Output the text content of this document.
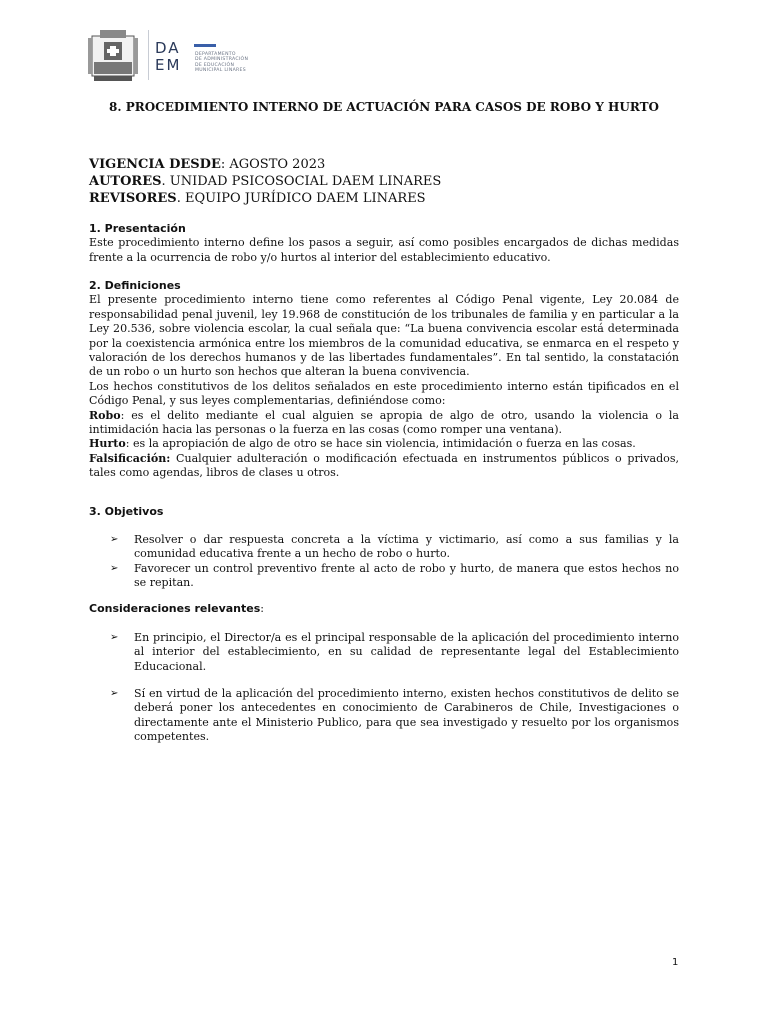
DA EM
DEPARTAMENTO
DE ADMINISTRACIÓN
DE EDUCACIÓN
MUNICIPAL LINARES
8. PROCEDIMIENTO INTERNO DE ACTUACIÓN PARA CASOS DE ROBO Y HURTO
VIGENCIA DESDE: AGOSTO 2023
AUTORES. UNIDAD PSICOSOCIAL DAEM LINARES
REVISORES. EQUIPO JURÍDICO DAEM LINARES
1. Presentación

Este procedimiento interno define los pasos a seguir, así como posibles encargados de dichas medidas frente a la ocurrencia de robo y/o hurtos al interior del establecimiento educativo.

2. Definiciones

El presente procedimiento interno tiene como referentes al Código Penal vigente, Ley 20.084 de responsabilidad penal juvenil, ley 19.968 de constitución de los tribunales de familia y en particular a la Ley 20.536, sobre violencia escolar, la cual señala que: “La buena convivencia escolar está determinada por la coexistencia armónica entre los miembros de la comunidad educativa, se enmarca en el respeto y valoración de los derechos humanos y de las libertades fundamentales”. En tal sentido, la constatación de un robo o un hurto son hechos que alteran la buena convivencia.

Los hechos constitutivos de los delitos señalados en este procedimiento interno están tipificados en el Código Penal, y sus leyes complementarias, definiéndose como:

Robo: es el delito mediante el cual alguien se apropia de algo de otro, usando la violencia o la intimidación hacia las personas o la fuerza en las cosas (como romper una ventana).

Hurto: es la apropiación de algo de otro se hace sin violencia, intimidación o fuerza en las cosas.

Falsificación: Cualquier adulteración o modificación efectuada en instrumentos públicos o privados, tales como agendas, libros de clases u otros.

3. Objetivos
➢ Resolver o dar respuesta concreta a la víctima y victimario, así como a sus familias y la comunidad educativa frente a un hecho de robo o hurto.
➢ Favorecer un control preventivo frente al acto de robo y hurto, de manera que estos hechos no se repitan.
Consideraciones relevantes:
➢ En principio, el Director/a es el principal responsable de la aplicación del procedimiento interno al interior del establecimiento, en su calidad de representante legal del Establecimiento Educacional.
➢ Sí en virtud de la aplicación del procedimiento interno, existen hechos constitutivos de delito se deberá poner los antecedentes en conocimiento de Carabineros de Chile, Investigaciones o directamente ante el Ministerio Publico, para que sea investigado y resuelto por los organismos competentes.
1
